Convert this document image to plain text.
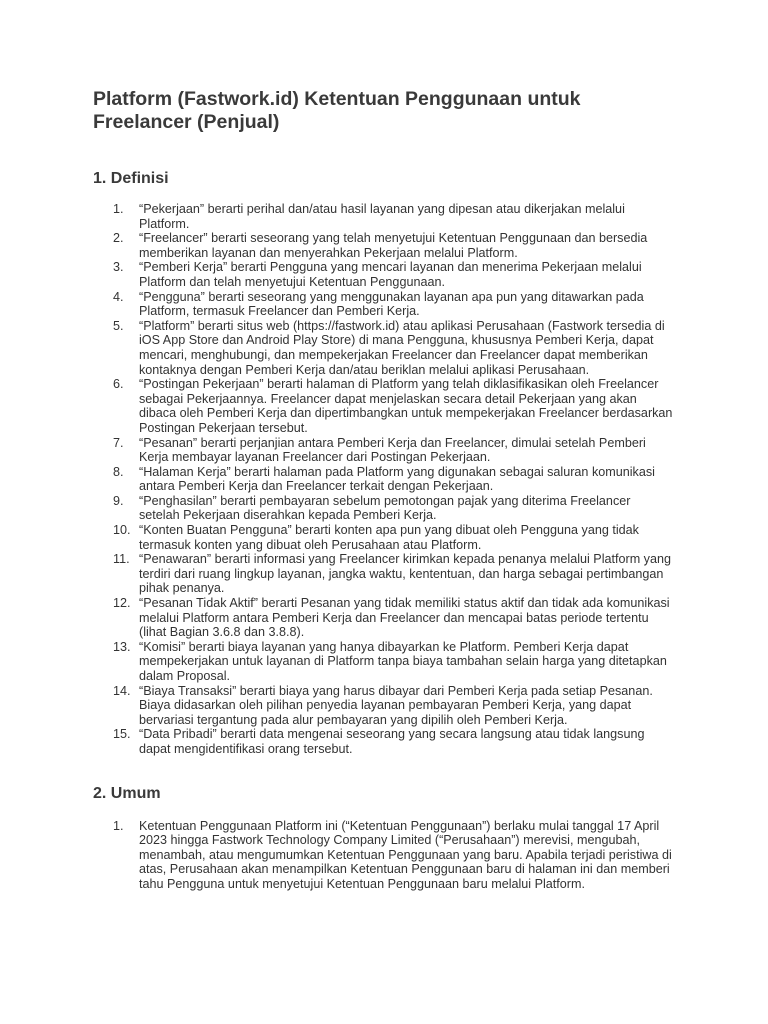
Platform (Fastwork.id) Ketentuan Penggunaan untuk Freelancer (Penjual)
1. Definisi
1.	“Pekerjaan” berarti perihal dan/atau hasil layanan yang dipesan atau dikerjakan melalui Platform.
2.	“Freelancer” berarti seseorang yang telah menyetujui Ketentuan Penggunaan dan bersedia memberikan layanan dan menyerahkan Pekerjaan melalui Platform.
3.	“Pemberi Kerja” berarti Pengguna yang mencari layanan dan menerima Pekerjaan melalui Platform dan telah menyetujui Ketentuan Penggunaan.
4.	“Pengguna” berarti seseorang yang menggunakan layanan apa pun yang ditawarkan pada Platform, termasuk Freelancer dan Pemberi Kerja.
5.	“Platform” berarti situs web (https://fastwork.id) atau aplikasi Perusahaan (Fastwork tersedia di iOS App Store dan Android Play Store) di mana Pengguna, khususnya Pemberi Kerja, dapat mencari, menghubungi, dan mempekerjakan Freelancer dan Freelancer dapat memberikan kontaknya dengan Pemberi Kerja dan/atau beriklan melalui aplikasi Perusahaan.
6.	“Postingan Pekerjaan” berarti halaman di Platform yang telah diklasifikasikan oleh Freelancer sebagai Pekerjaannya. Freelancer dapat menjelaskan secara detail Pekerjaan yang akan dibaca oleh Pemberi Kerja dan dipertimbangkan untuk mempekerjakan Freelancer berdasarkan Postingan Pekerjaan tersebut.
7.	“Pesanan” berarti perjanjian antara Pemberi Kerja dan Freelancer, dimulai setelah Pemberi Kerja membayar layanan Freelancer dari Postingan Pekerjaan.
8.	“Halaman Kerja” berarti halaman pada Platform yang digunakan sebagai saluran komunikasi antara Pemberi Kerja dan Freelancer terkait dengan Pekerjaan.
9.	“Penghasilan” berarti pembayaran sebelum pemotongan pajak yang diterima Freelancer setelah Pekerjaan diserahkan kepada Pemberi Kerja.
10. “Konten Buatan Pengguna” berarti konten apa pun yang dibuat oleh Pengguna yang tidak termasuk konten yang dibuat oleh Perusahaan atau Platform.
11. “Penawaran” berarti informasi yang Freelancer kirimkan kepada penanya melalui Platform yang terdiri dari ruang lingkup layanan, jangka waktu, kententuan, dan harga sebagai pertimbangan pihak penanya.
12. “Pesanan Tidak Aktif” berarti Pesanan yang tidak memiliki status aktif dan tidak ada komunikasi melalui Platform antara Pemberi Kerja dan Freelancer dan mencapai batas periode tertentu (lihat Bagian 3.6.8 dan 3.8.8).
13. “Komisi” berarti biaya layanan yang hanya dibayarkan ke Platform. Pemberi Kerja dapat mempekerjakan untuk layanan di Platform tanpa biaya tambahan selain harga yang ditetapkan dalam Proposal.
14. “Biaya Transaksi” berarti biaya yang harus dibayar dari Pemberi Kerja pada setiap Pesanan. Biaya didasarkan oleh pilihan penyedia layanan pembayaran Pemberi Kerja, yang dapat bervariasi tergantung pada alur pembayaran yang dipilih oleh Pemberi Kerja.
15. “Data Pribadi” berarti data mengenai seseorang yang secara langsung atau tidak langsung dapat mengidentifikasi orang tersebut.
2. Umum
1.	Ketentuan Penggunaan Platform ini (“Ketentuan Penggunaan”) berlaku mulai tanggal 17 April 2023 hingga Fastwork Technology Company Limited (“Perusahaan”) merevisi, mengubah, menambah, atau mengumumkan Ketentuan Penggunaan yang baru. Apabila terjadi peristiwa di atas, Perusahaan akan menampilkan Ketentuan Penggunaan baru di halaman ini dan memberi tahu Pengguna untuk menyetujui Ketentuan Penggunaan baru melalui Platform.
